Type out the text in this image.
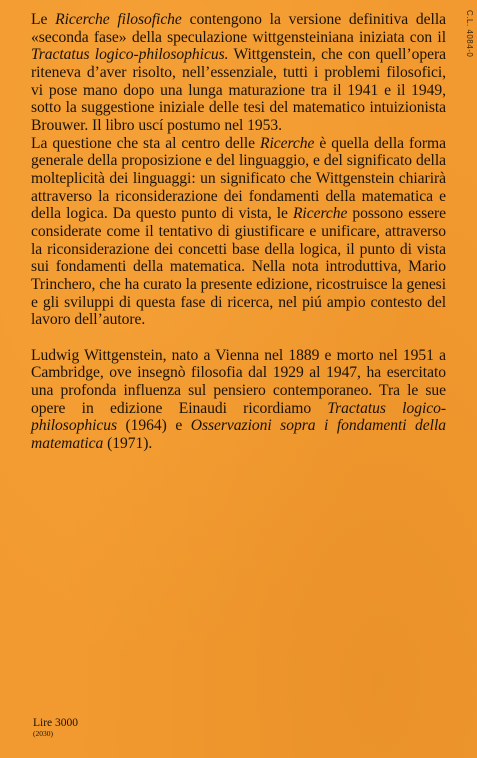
C.L. 4084-0

Le Ricerche filosofiche contengono la versione definitiva della «seconda fase» della speculazione wittgensteiniana iniziata con il Tractatus logico-philosophicus. Wittgenstein, che con quell’opera riteneva d’aver risolto, nell’essenziale, tutti i problemi filosofici, vi pose mano dopo una lunga maturazione tra il 1941 e il 1949, sotto la suggestione iniziale delle tesi del matematico intuizionista Brouwer. Il libro uscí postumo nel 1953.

La questione che sta al centro delle Ricerche è quella della forma generale della proposizione e del linguaggio, e del significato della molteplicità dei linguaggi: un significato che Wittgenstein chiarirà attraverso la riconsiderazione dei fondamenti della matematica e della logica. Da questo punto di vista, le Ricerche possono essere considerate come il tentativo di giustificare e unificare, attraverso la riconsiderazione dei concetti base della logica, il punto di vista sui fondamenti della matematica. Nella nota introduttiva, Mario Trinchero, che ha curato la presente edizione, ricostruisce la genesi e gli sviluppi di questa fase di ricerca, nel piú ampio contesto del lavoro dell’autore.

Ludwig Wittgenstein, nato a Vienna nel 1889 e morto nel 1951 a Cambridge, ove insegnò filosofia dal 1929 al 1947, ha esercitato una profonda influenza sul pensiero contemporaneo. Tra le sue opere in edizione Einaudi ricordiamo Tractatus logico-philosophicus (1964) e Osservazioni sopra i fondamenti della matematica (1971).

Lire 3000
(2030)
